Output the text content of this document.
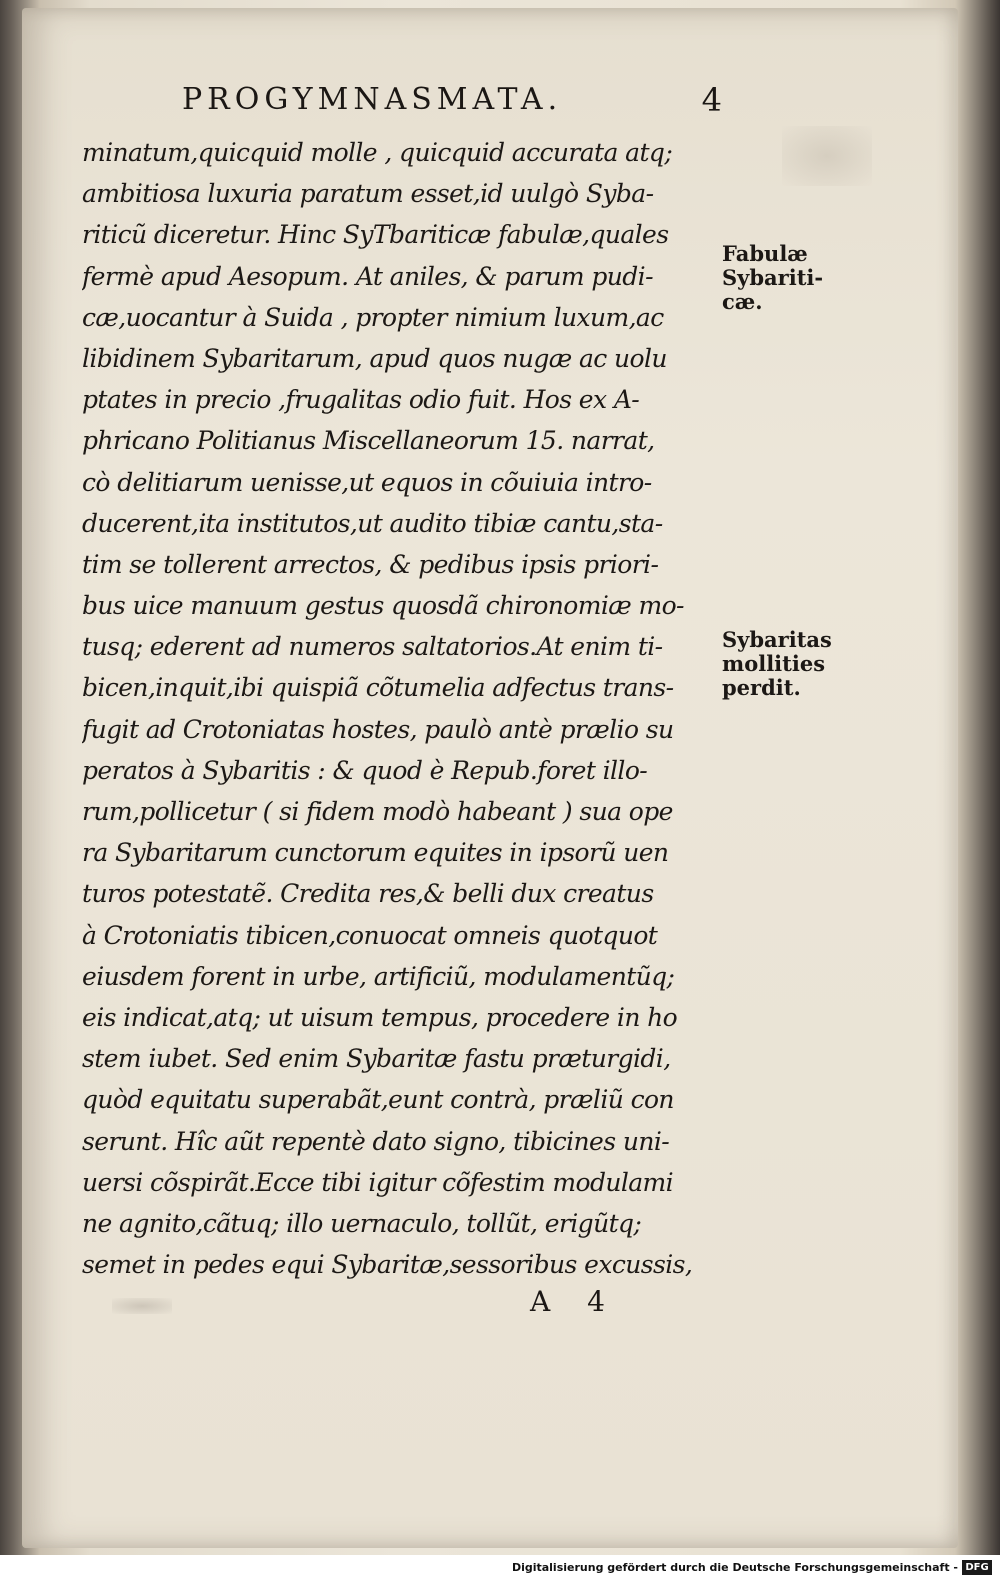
PROGYMNASMATA.	4
minatum,quicquid molle , quicquid accurata atq;
ambitiosa luxuria paratum esset,id uulgò Syba-
riticũ diceretur. Hinc SyTbariticæ fabulæ,quales
fermè apud Aesopum. At aniles, & parum pudi-
cæ,uocantur à Suida , propter nimium luxum,ac
libidinem Sybaritarum, apud quos nugæ ac uolu
ptates in precio ,frugalitas odio fuit. Hos ex A-
phricano Politianus Miscellaneorum 15. narrat,
cò delitiarum uenisse,ut equos in cõuiuia intro-
ducerent,ita institutos,ut audito tibiæ cantu,sta-
tim se tollerent arrectos, & pedibus ipsis priori-
bus uice manuum gestus quosdã chironomiæ mo-
tusq; ederent ad numeros saltatorios.At enim ti-
bicen,inquit,ibi quispiã cõtumelia adfectus trans-
fugit ad Crotoniatas hostes, paulò antè prælio su
peratos à Sybaritis : & quod è Repub.foret illo-
rum,pollicetur ( si fidem modò habeant ) sua ope
ra Sybaritarum cunctorum equites in ipsorũ uen
turos potestatẽ. Credita res,& belli dux creatus
à Crotoniatis tibicen,conuocat omneis quotquot
eiusdem forent in urbe, artificiũ, modulamentũq;
eis indicat,atq; ut uisum tempus, procedere in ho
stem iubet. Sed enim Sybaritæ fastu præturgidi,
quòd equitatu superabãt,eunt contrà, præliũ con
serunt. Hîc aũt repentè dato signo, tibicines uni-
uersi cõspirãt.Ecce tibi igitur cõfestim modulami
ne agnito,cãtuq; illo uernaculo, tollũt, erigũtq;
semet in pedes equi Sybaritæ,sessoribus excussis,
Fabulæ
Sybariti-
cæ.
Sybaritas
mollities
perdit.
A 4
Digitalisierung gefördert durch die Deutsche Forschungsgemeinschaft - DFG
